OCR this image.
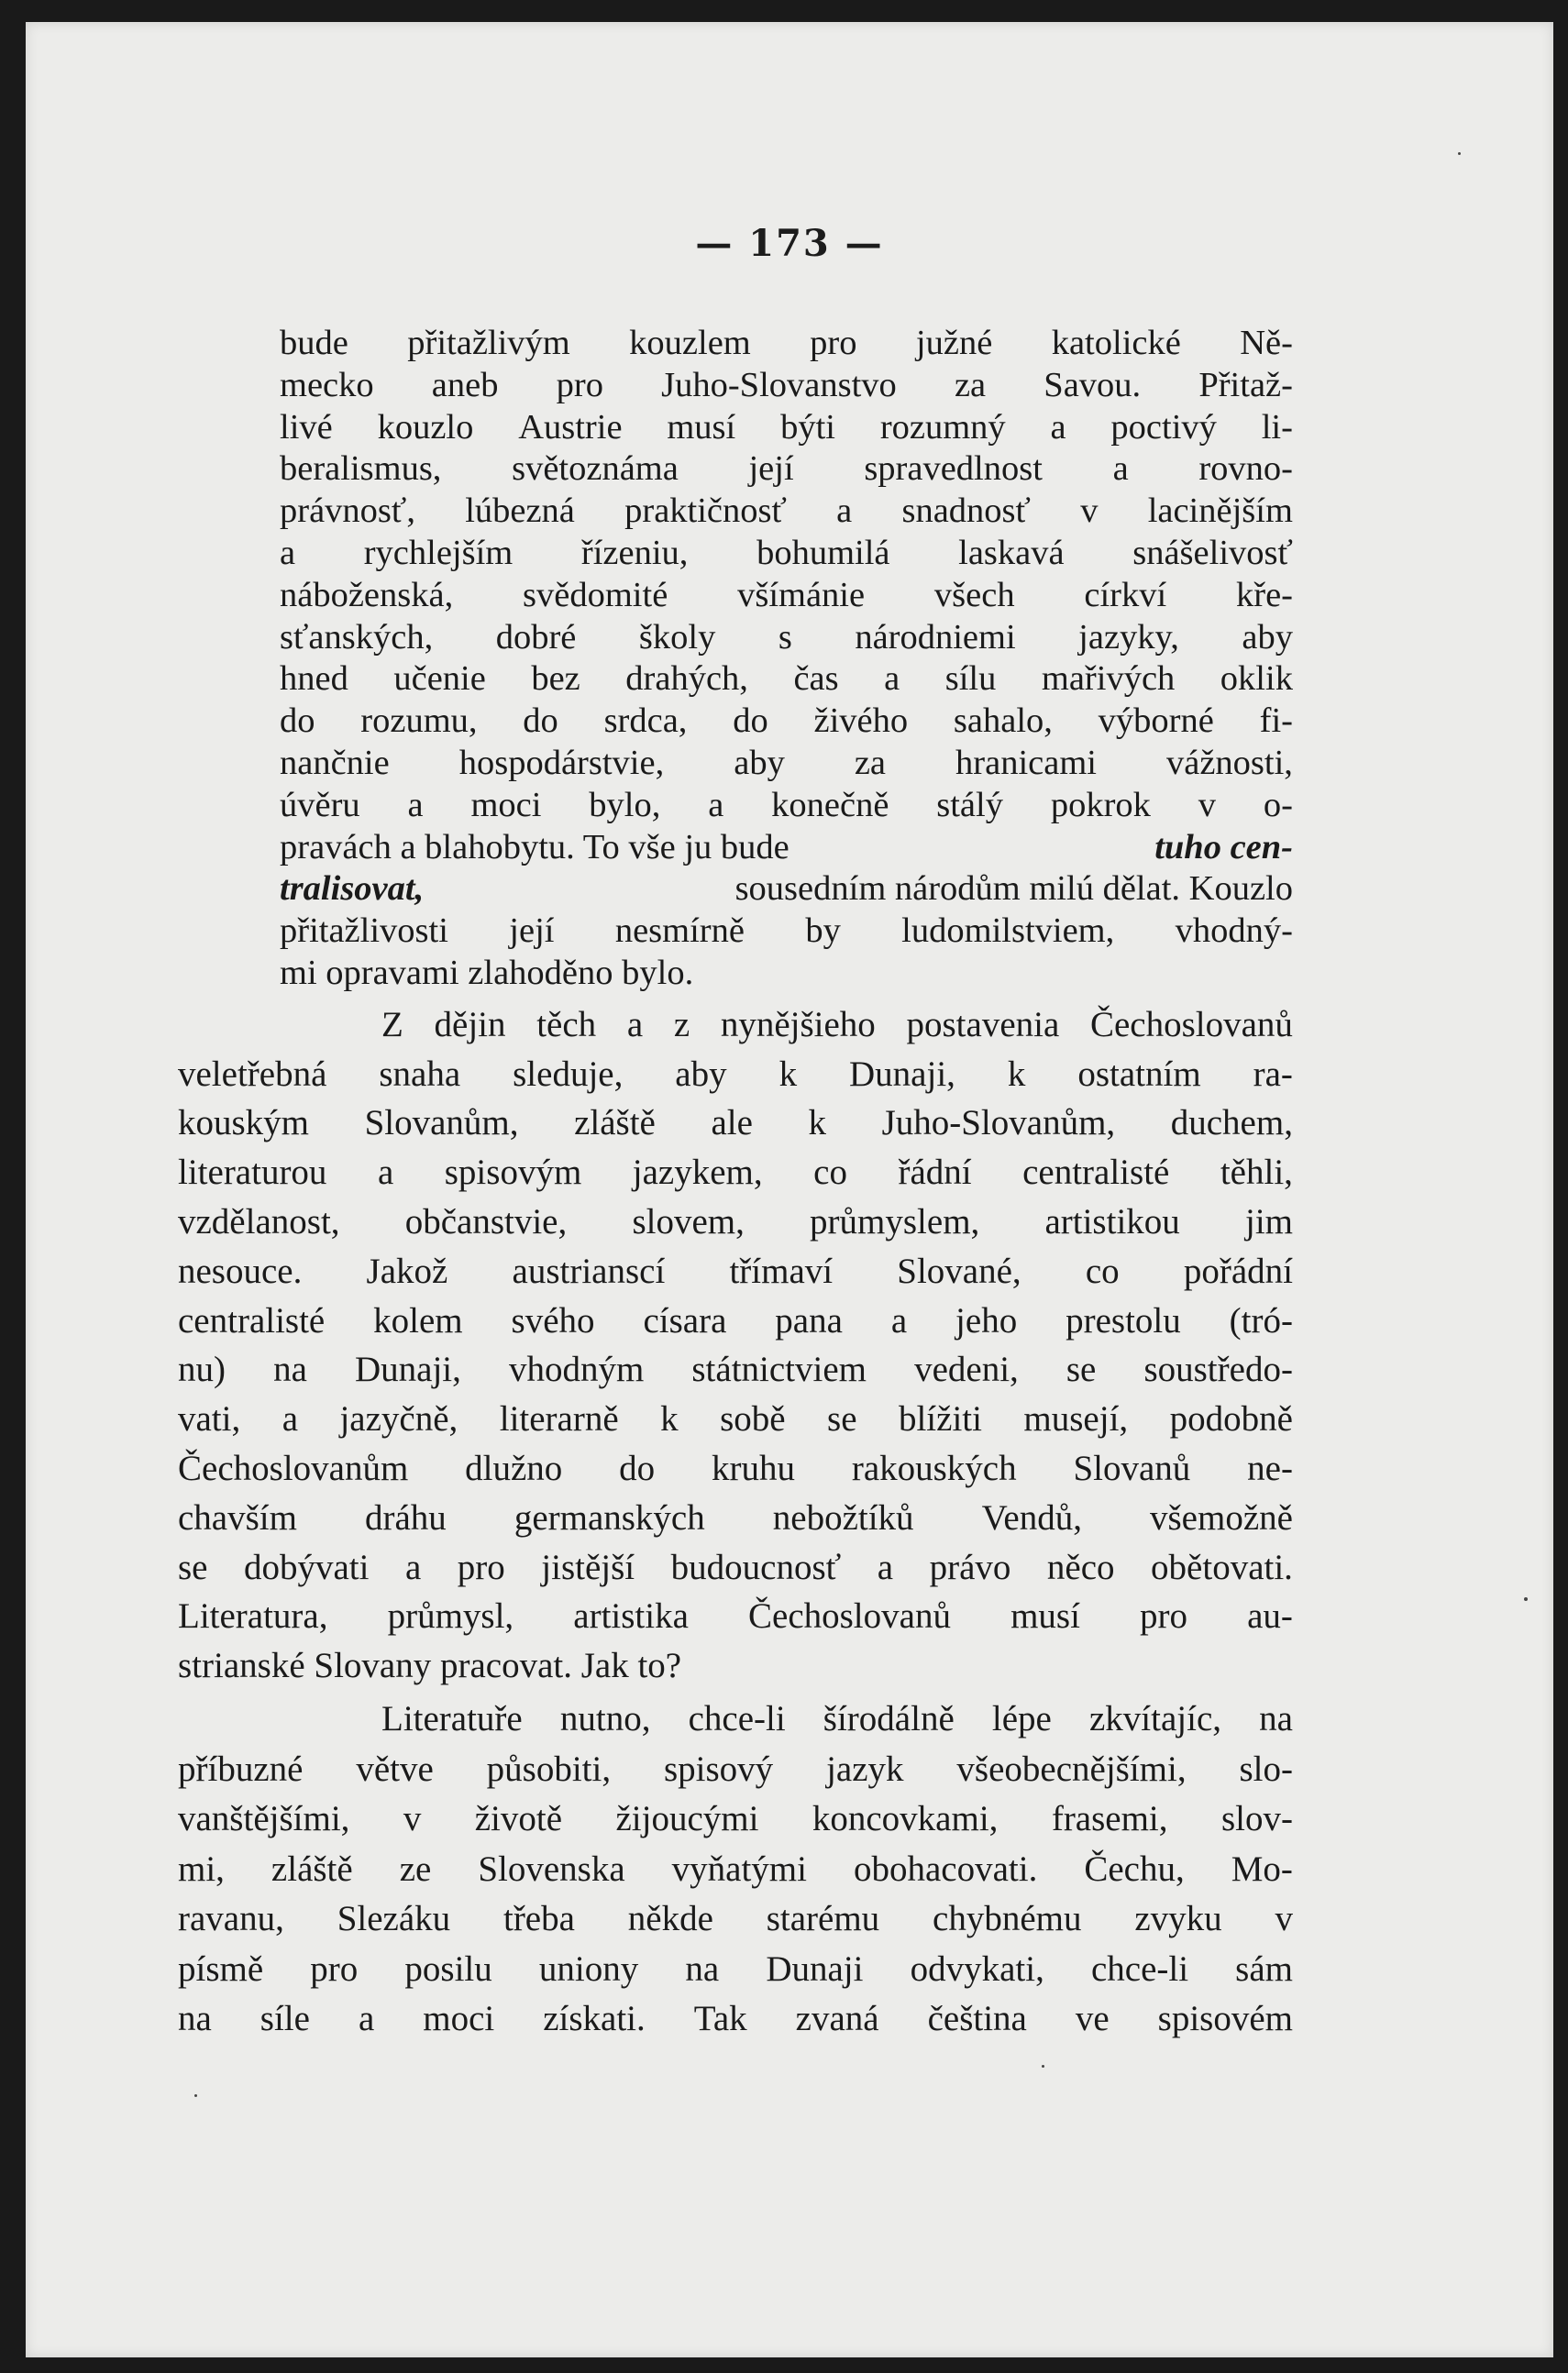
— 173 —
bude přitažlivým kouzlem pro južné katolické Ně-
mecko aneb pro Juho-Slovanstvo za Savou. Přitaž-
livé kouzlo Austrie musí býti rozumný a poctivý li-
beralismus, světoznáma její spravedlnost a rovno-
právnosť, lúbezná praktičnosť a snadnosť v lacinějším
a rychlejším řízeniu, bohumilá laskavá snášelivosť
náboženská, svědomité všímánie všech církví kře-
sťanských, dobré školy s národniemi jazyky, aby
hned učenie bez drahých, čas a sílu mařivých oklik
do rozumu, do srdca, do živého sahalo, výborné fi-
nančnie hospodárstvie, aby za hranicami vážnosti,
úvěru a moci bylo, a konečně stálý pokrok v o-
pravách a blahobytu. To vše ju bude	tuho cen-
tralisovat,	sousedním národům milú dělat. Kouzlo
přitažlivosti její nesmírně by ludomilstviem, vhodný-
mi opravami zlahoděno bylo.
Z dějin těch a z nynějšieho postavenia Čechoslovanů
veletřebná snaha sleduje, aby k Dunaji, k ostatním ra-
kouským Slovanům, zláště ale k Juho-Slovanům, duchem,
literaturou a spisovým jazykem, co řádní centralisté těhli,
vzdělanost, občanstvie, slovem, průmyslem, artistikou jim
nesouce. Jakož austrianscí třímaví Slované, co pořádní
centralisté kolem svého císara pana a jeho prestolu (tró-
nu) na Dunaji, vhodným státnictviem vedeni, se soustředo-
vati, a jazyčně, literarně k sobě se blížiti musejí, podobně
Čechoslovanům dlužno do kruhu rakouských Slovanů ne-
chavším dráhu germanských nebožtíků Vendů, všemožně
se dobývati a pro jistější budoucnosť a právo něco obětovati.
Literatura, průmysl, artistika Čechoslovanů musí pro au-
strianské Slovany pracovat. Jak to?
Literatuře nutno, chce-li šírodálně lépe zkvítajíc, na
příbuzné větve působiti, spisový jazyk všeobecnějšími, slo-
vanštějšími, v životě žijoucými koncovkami, frasemi, slov-
mi, zláště ze Slovenska vyňatými obohacovati. Čechu, Mo-
ravanu, Slezáku třeba někde starému chybnému zvyku v
písmě pro posilu uniony na Dunaji odvykati, chce-li sám
na síle a moci získati. Tak zvaná čeština ve spisovém
